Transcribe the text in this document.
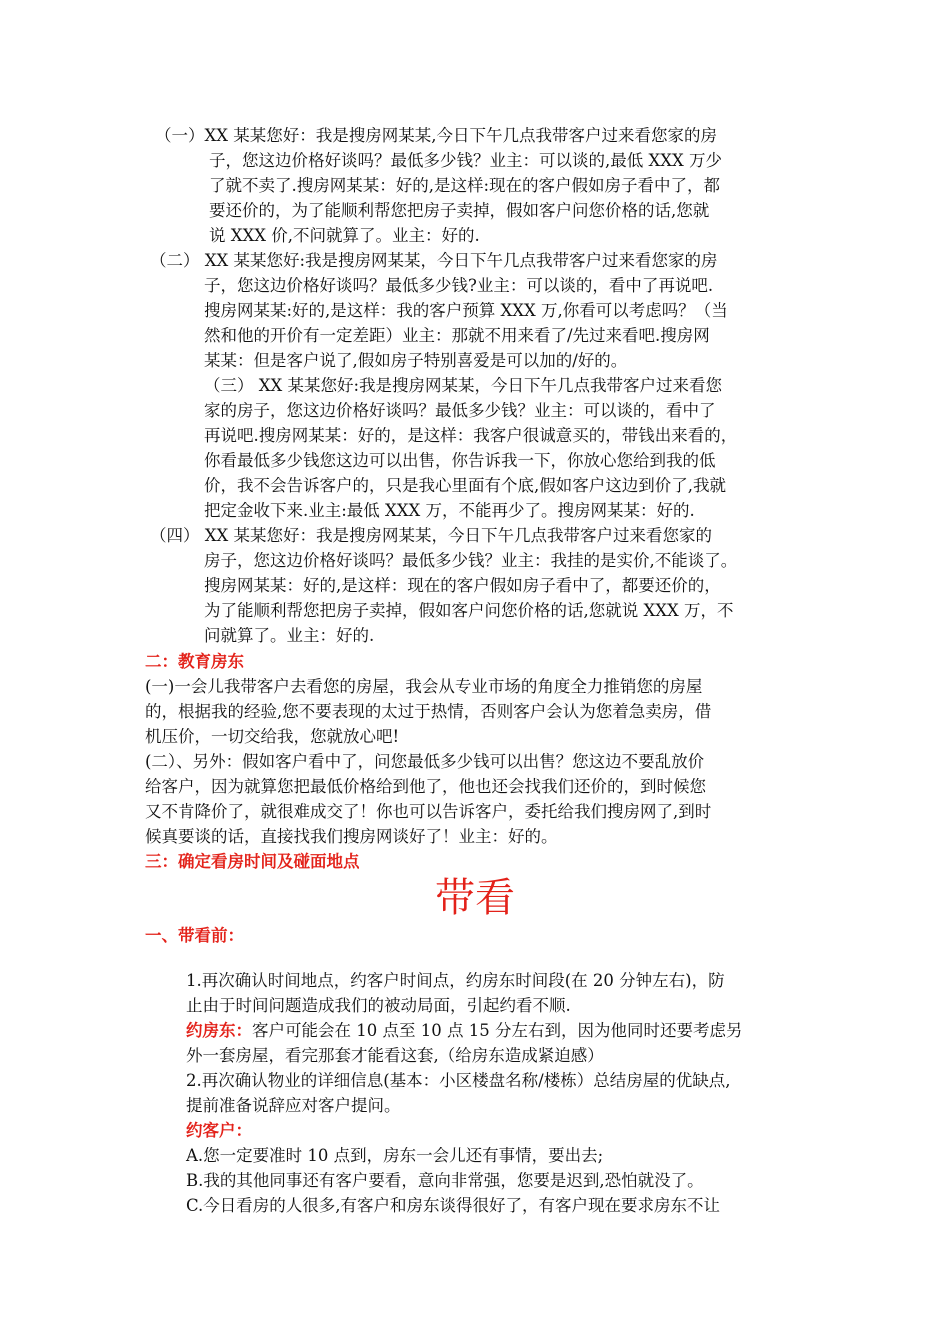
（一）XX 某某您好：我是搜房网某某,今日下午几点我带客户过来看您家的房
子，您这边价格好谈吗？最低多少钱？业主：可以谈的,最低 XXX 万少
了就不卖了.搜房网某某：好的,是这样:现在的客户假如房子看中了，都
要还价的，为了能顺利帮您把房子卖掉，假如客户问您价格的话,您就
说 XXX 价,不问就算了。业主：好的.
（二） XX 某某您好:我是搜房网某某，今日下午几点我带客户过来看您家的房
子，您这边价格好谈吗？最低多少钱?业主：可以谈的，看中了再说吧.
搜房网某某:好的,是这样：我的客户预算 XXX 万,你看可以考虑吗？（当
然和他的开价有一定差距）业主：那就不用来看了/先过来看吧.搜房网
某某：但是客户说了,假如房子特别喜爱是可以加的/好的。
（三） XX 某某您好:我是搜房网某某，今日下午几点我带客户过来看您
家的房子，您这边价格好谈吗？最低多少钱？业主：可以谈的，看中了
再说吧.搜房网某某：好的，是这样：我客户很诚意买的，带钱出来看的，
你看最低多少钱您这边可以出售，你告诉我一下，你放心您给到我的低
价，我不会告诉客户的，只是我心里面有个底,假如客户这边到价了,我就
把定金收下来.业主:最低 XXX 万，不能再少了。搜房网某某：好的.
（四） XX 某某您好：我是搜房网某某，今日下午几点我带客户过来看您家的
房子，您这边价格好谈吗？最低多少钱？业主：我挂的是实价,不能谈了。
搜房网某某：好的,是这样：现在的客户假如房子看中了，都要还价的，
为了能顺利帮您把房子卖掉，假如客户问您价格的话,您就说 XXX 万，不
问就算了。业主：好的.
二：教育房东
(一)一会儿我带客户去看您的房屋，我会从专业市场的角度全力推销您的房屋
的，根据我的经验,您不要表现的太过于热情，否则客户会认为您着急卖房，借
机压价，一切交给我，您就放心吧!
(二）、另外：假如客户看中了，问您最低多少钱可以出售？您这边不要乱放价
给客户，因为就算您把最低价格给到他了，他也还会找我们还价的，到时候您
又不肯降价了，就很难成交了！你也可以告诉客户，委托给我们搜房网了,到时
候真要谈的话，直接找我们搜房网谈好了！业主：好的。
三：确定看房时间及碰面地点
带看
一、带看前：
1.再次确认时间地点，约客户时间点，约房东时间段(在 20 分钟左右)，防
止由于时间问题造成我们的被动局面，引起约看不顺.
约房东：客户可能会在 10 点至 10 点 15 分左右到，因为他同时还要考虑另
外一套房屋，看完那套才能看这套,（给房东造成紧迫感）
2.再次确认物业的详细信息(基本：小区楼盘名称/楼栋）总结房屋的优缺点,
提前准备说辞应对客户提问。
约客户：
A.您一定要准时 10 点到，房东一会儿还有事情，要出去;
B.我的其他同事还有客户要看，意向非常强，您要是迟到,恐怕就没了。
C.今日看房的人很多,有客户和房东谈得很好了，有客户现在要求房东不让
